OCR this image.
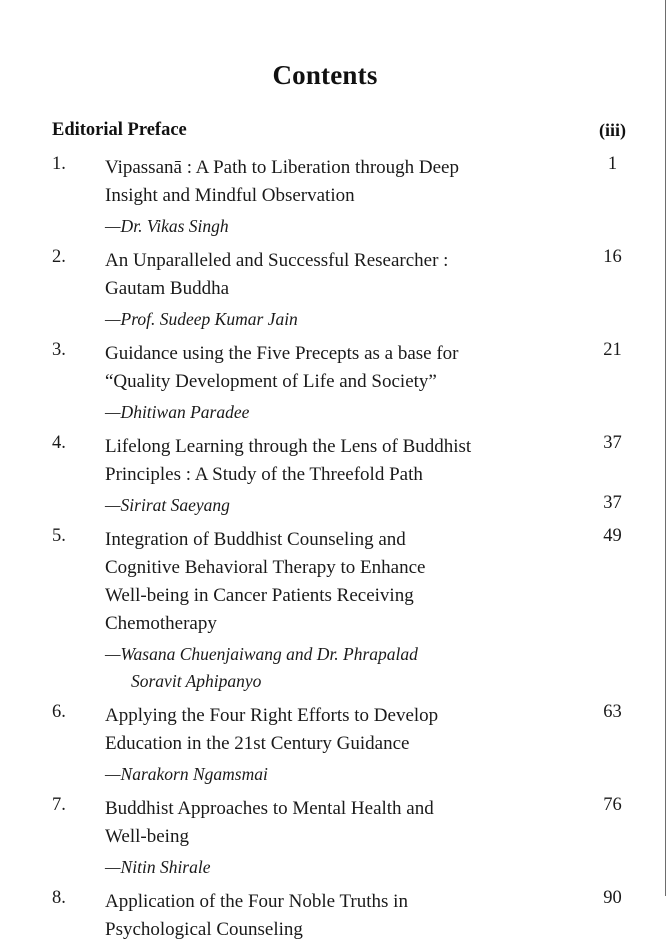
Contents
Editorial Preface	(iii)
1.	Vipassanā : A Path to Liberation through Deep
Insight and Mindful Observation
—Dr. Vikas Singh
1
2.	An Unparalleled and Successful Researcher :
Gautam Buddha
—Prof. Sudeep Kumar Jain
16
3.	Guidance using the Five Precepts as a base for
“Quality Development of Life and Society”
—Dhitiwan Paradee
21
4.	Lifelong Learning through the Lens of Buddhist
Principles : A Study of the Threefold Path
—Sirirat Saeyang
37
37
5.	Integration of Buddhist Counseling and
Cognitive Behavioral Therapy to Enhance
Well-being in Cancer Patients Receiving
Chemotherapy
—Wasana Chuenjaiwang and Dr. Phrapalad
Soravit Aphipanyo
49
6.	Applying the Four Right Efforts to Develop
Education in the 21st Century Guidance
—Narakorn Ngamsmai
63
7.	Buddhist Approaches to Mental Health and
Well-being
—Nitin Shirale
76
8.	Application of the Four Noble Truths in
Psychological Counseling
90
